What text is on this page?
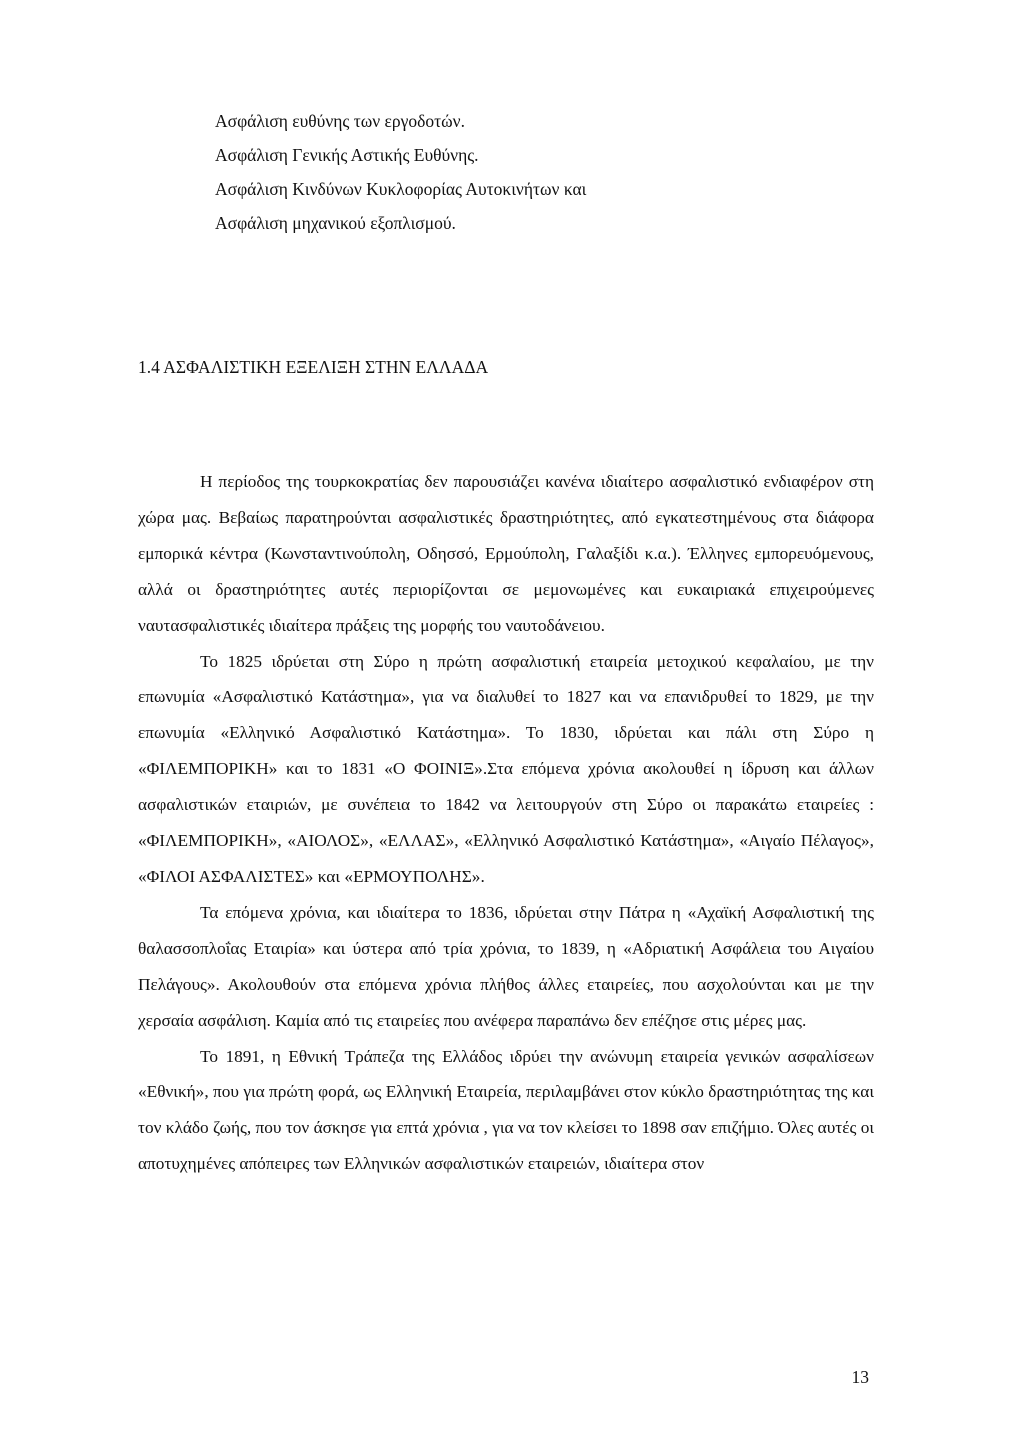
Ασφάλιση ευθύνης των εργοδοτών.
Ασφάλιση Γενικής Αστικής Ευθύνης.
Ασφάλιση Κινδύνων Κυκλοφορίας Αυτοκινήτων και
Ασφάλιση μηχανικού εξοπλισμού.
1.4 ΑΣΦΑΛΙΣΤΙΚΗ ΕΞΕΛΙΞΗ ΣΤΗΝ ΕΛΛΑΔΑ

Η περίοδος της τουρκοκρατίας δεν παρουσιάζει κανένα ιδιαίτερο ασφαλιστικό ενδιαφέρον στη χώρα μας. Βεβαίως παρατηρούνται ασφαλιστικές δραστηριότητες, από εγκατεστημένους στα διάφορα εμπορικά κέντρα (Κωνσταντινούπολη, Οδησσό, Ερμούπολη, Γαλαξίδι κ.α.). Έλληνες εμπορευόμενους, αλλά οι δραστηριότητες αυτές περιορίζονται σε μεμονωμένες και ευκαιριακά επιχειρούμενες ναυτασφαλιστικές ιδιαίτερα πράξεις της μορφής του ναυτοδάνειου.

Το 1825 ιδρύεται στη Σύρο η πρώτη ασφαλιστική εταιρεία μετοχικού κεφαλαίου, με την επωνυμία «Ασφαλιστικό Κατάστημα», για να διαλυθεί το 1827 και να επανιδρυθεί το 1829, με την επωνυμία «Ελληνικό Ασφαλιστικό Κατάστημα». Το 1830, ιδρύεται και πάλι στη Σύρο η «ΦΙΛΕΜΠΟΡΙΚΗ» και το 1831 «Ο ΦΟΙΝΙΞ».Στα επόμενα χρόνια ακολουθεί η ίδρυση και άλλων ασφαλιστικών εταιριών, με συνέπεια το 1842 να λειτουργούν στη Σύρο οι παρακάτω εταιρείες : «ΦΙΛΕΜΠΟΡΙΚΗ», «ΑΙΟΛΟΣ», «ΕΛΛΑΣ», «Ελληνικό Ασφαλιστικό Κατάστημα», «Αιγαίο Πέλαγος», «ΦΙΛΟΙ ΑΣΦΑΛΙΣΤΕΣ» και «ΕΡΜΟΥΠΟΛΗΣ».

Τα επόμενα χρόνια, και ιδιαίτερα το 1836, ιδρύεται στην Πάτρα η «Αχαϊκή Ασφαλιστική της θαλασσοπλοΐας Εταιρία» και ύστερα από τρία χρόνια, το 1839, η «Αδριατική Ασφάλεια του Αιγαίου Πελάγους». Ακολουθούν στα επόμενα χρόνια πλήθος άλλες εταιρείες, που ασχολούνται και με την χερσαία ασφάλιση. Καμία από τις εταιρείες που ανέφερα παραπάνω δεν επέζησε στις μέρες μας.

Το 1891, η Εθνική Τράπεζα της Ελλάδος ιδρύει την ανώνυμη εταιρεία γενικών ασφαλίσεων «Εθνική», που για πρώτη φορά, ως Ελληνική Εταιρεία, περιλαμβάνει στον κύκλο δραστηριότητας της και τον κλάδο ζωής, που τον άσκησε για επτά χρόνια , για να τον κλείσει το 1898 σαν επιζήμιο. Όλες αυτές οι αποτυχημένες απόπειρες των Ελληνικών ασφαλιστικών εταιρειών, ιδιαίτερα στον

13
